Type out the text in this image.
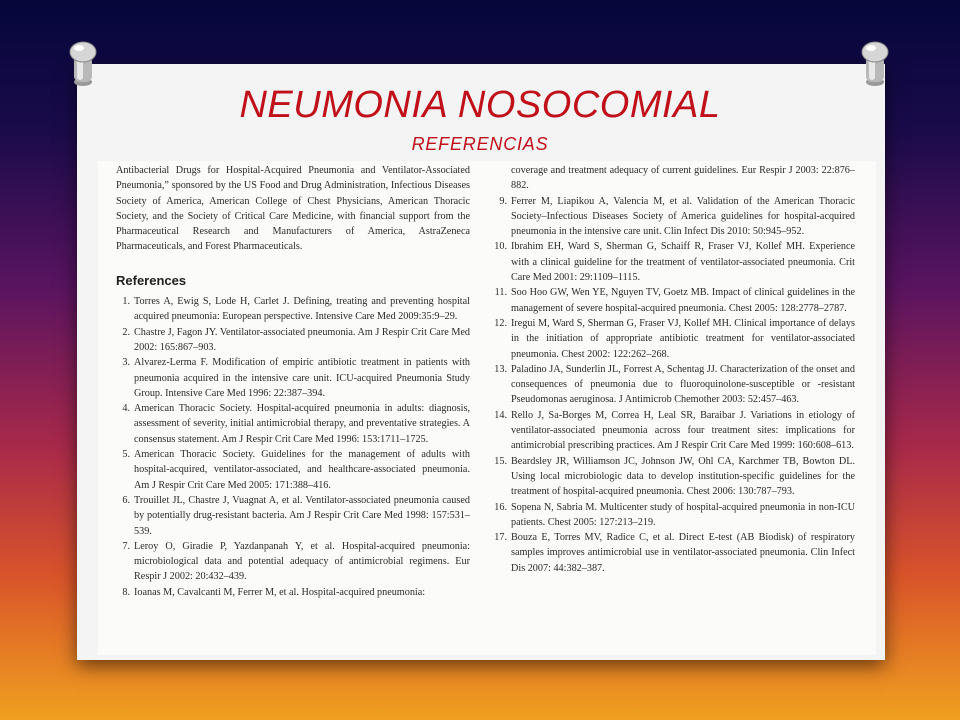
NEUMONIA NOSOCOMIAL
REFERENCIAS

Antibacterial Drugs for Hospital-Acquired Pneumonia and Ventilator-Associated Pneumonia,” sponsored by the US Food and Drug Administration, Infectious Diseases Society of America, American College of Chest Physicians, American Thoracic Society, and the Society of Critical Care Medicine, with financial support from the Pharmaceutical Research and Manufacturers of America, AstraZeneca Pharmaceuticals, and Forest Pharmaceuticals.

References
1. Torres A, Ewig S, Lode H, Carlet J. Defining, treating and preventing hospital acquired pneumonia: European perspective. Intensive Care Med 2009:35:9–29.
2. Chastre J, Fagon JY. Ventilator-associated pneumonia. Am J Respir Crit Care Med 2002: 165:867–903.
3. Alvarez-Lerma F. Modification of empiric antibiotic treatment in patients with pneumonia acquired in the intensive care unit. ICU-acquired Pneumonia Study Group. Intensive Care Med 1996: 22:387–394.
4. American Thoracic Society. Hospital-acquired pneumonia in adults: diagnosis, assessment of severity, initial antimicrobial therapy, and preventative strategies. A consensus statement. Am J Respir Crit Care Med 1996: 153:1711–1725.
5. American Thoracic Society. Guidelines for the management of adults with hospital-acquired, ventilator-associated, and healthcare-associated pneumonia. Am J Respir Crit Care Med 2005: 171:388–416.
6. Trouillet JL, Chastre J, Vuagnat A, et al. Ventilator-associated pneumonia caused by potentially drug-resistant bacteria. Am J Respir Crit Care Med 1998: 157:531–539.
7. Leroy O, Giradie P, Yazdanpanah Y, et al. Hospital-acquired pneumonia: microbiological data and potential adequacy of antimicrobial regimens. Eur Respir J 2002: 20:432–439.
8. Ioanas M, Cavalcanti M, Ferrer M, et al. Hospital-acquired pneumonia:

coverage and treatment adequacy of current guidelines. Eur Respir J 2003: 22:876–882.

9. Ferrer M, Liapikou A, Valencia M, et al. Validation of the American Thoracic Society–Infectious Diseases Society of America guidelines for hospital-acquired pneumonia in the intensive care unit. Clin Infect Dis 2010: 50:945–952.
10. Ibrahim EH, Ward S, Sherman G, Schaiff R, Fraser VJ, Kollef MH. Experience with a clinical guideline for the treatment of ventilator-associated pneumonia. Crit Care Med 2001: 29:1109–1115.
11. Soo Hoo GW, Wen YE, Nguyen TV, Goetz MB. Impact of clinical guidelines in the management of severe hospital-acquired pneumonia. Chest 2005: 128:2778–2787.
12. Iregui M, Ward S, Sherman G, Fraser VJ, Kollef MH. Clinical importance of delays in the initiation of appropriate antibiotic treatment for ventilator-associated pneumonia. Chest 2002: 122:262–268.
13. Paladino JA, Sunderlin JL, Forrest A, Schentag JJ. Characterization of the onset and consequences of pneumonia due to fluoroquinolone-susceptible or -resistant Pseudomonas aeruginosa. J Antimicrob Chemother 2003: 52:457–463.
14. Rello J, Sa-Borges M, Correa H, Leal SR, Baraibar J. Variations in etiology of ventilator-associated pneumonia across four treatment sites: implications for antimicrobial prescribing practices. Am J Respir Crit Care Med 1999: 160:608–613.
15. Beardsley JR, Williamson JC, Johnson JW, Ohl CA, Karchmer TB, Bowton DL. Using local microbiologic data to develop institution-specific guidelines for the treatment of hospital-acquired pneumonia. Chest 2006: 130:787–793.
16. Sopena N, Sabria M. Multicenter study of hospital-acquired pneumonia in non-ICU patients. Chest 2005: 127:213–219.
17. Bouza E, Torres MV, Radice C, et al. Direct E-test (AB Biodisk) of respiratory samples improves antimicrobial use in ventilator-associated pneumonia. Clin Infect Dis 2007: 44:382–387.
